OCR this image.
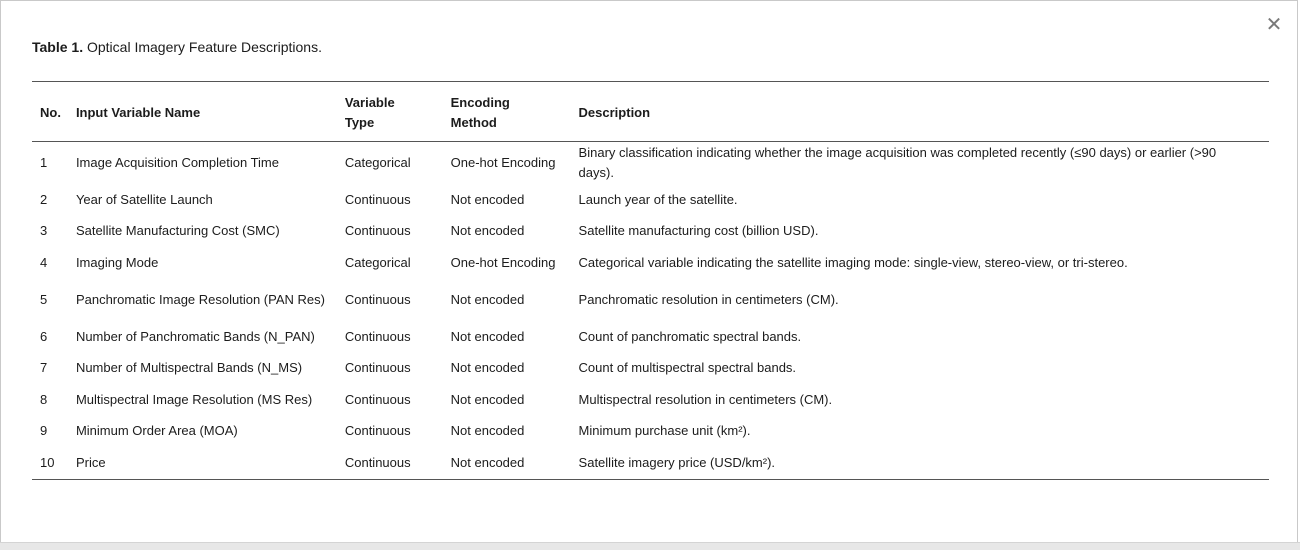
✕
Table 1. Optical Imagery Feature Descriptions.
No.	Input Variable Name	Variable Type	Encoding Method	Description
1	Image Acquisition Completion Time	Categorical	One-hot Encoding	Binary classification indicating whether the image acquisition was completed recently (≤90 days) or earlier (>90 days).
2	Year of Satellite Launch	Continuous	Not encoded	Launch year of the satellite.
3	Satellite Manufacturing Cost (SMC)	Continuous	Not encoded	Satellite manufacturing cost (billion USD).
4	Imaging Mode	Categorical	One-hot Encoding	Categorical variable indicating the satellite imaging mode: single-view, stereo-view, or tri-stereo.
5	Panchromatic Image Resolution (PAN Res)	Continuous	Not encoded	Panchromatic resolution in centimeters (CM).
6	Number of Panchromatic Bands (N_PAN)	Continuous	Not encoded	Count of panchromatic spectral bands.
7	Number of Multispectral Bands (N_MS)	Continuous	Not encoded	Count of multispectral spectral bands.
8	Multispectral Image Resolution (MS Res)	Continuous	Not encoded	Multispectral resolution in centimeters (CM).
9	Minimum Order Area (MOA)	Continuous	Not encoded	Minimum purchase unit (km²).
10	Price	Continuous	Not encoded	Satellite imagery price (USD/km²).
